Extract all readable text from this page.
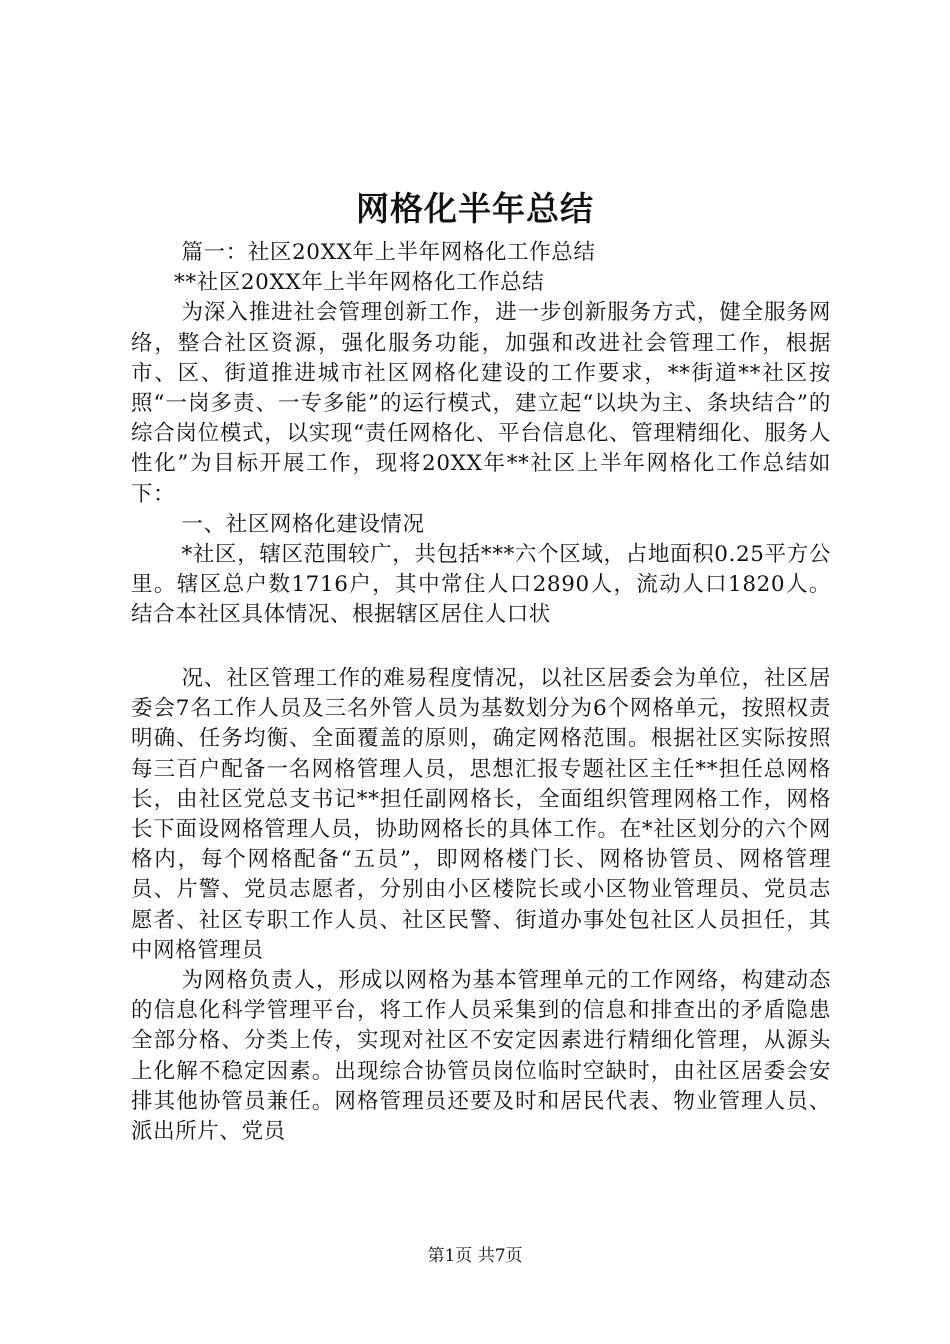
网格化半年总结

篇一：社区20XX年上半年网格化工作总结

**社区20XX年上半年网格化工作总结

为深入推进社会管理创新工作，进一步创新服务方式，健全服务网络，整合社区资源，强化服务功能，加强和改进社会管理工作，根据市、区、街道推进城市社区网格化建设的工作要求，**街道**社区按照“一岗多责、一专多能”的运行模式，建立起“以块为主、条块结合”的综合岗位模式，以实现“责任网格化、平台信息化、管理精细化、服务人性化”为目标开展工作，现将20XX年**社区上半年网格化工作总结如下：

一、社区网格化建设情况

*社区，辖区范围较广，共包括***六个区域，占地面积0.25平方公里。辖区总户数1716户，其中常住人口2890人，流动人口1820人。结合本社区具体情况、根据辖区居住人口状

况、社区管理工作的难易程度情况，以社区居委会为单位，社区居委会7名工作人员及三名外管人员为基数划分为6个网格单元，按照权责明确、任务均衡、全面覆盖的原则，确定网格范围。根据社区实际按照每三百户配备一名网格管理人员，思想汇报专题社区主任**担任总网格长，由社区党总支书记**担任副网格长，全面组织管理网格工作，网格长下面设网格管理人员，协助网格长的具体工作。在*社区划分的六个网格内，每个网格配备“五员”，即网格楼门长、网格协管员、网格管理员、片警、党员志愿者，分别由小区楼院长或小区物业管理员、党员志愿者、社区专职工作人员、社区民警、街道办事处包社区人员担任，其中网格管理员

为网格负责人，形成以网格为基本管理单元的工作网络，构建动态的信息化科学管理平台，将工作人员采集到的信息和排查出的矛盾隐患全部分格、分类上传，实现对社区不安定因素进行精细化管理，从源头上化解不稳定因素。出现综合协管员岗位临时空缺时，由社区居委会安排其他协管员兼任。网格管理员还要及时和居民代表、物业管理人员、派出所片、党员

第1页 共7页
